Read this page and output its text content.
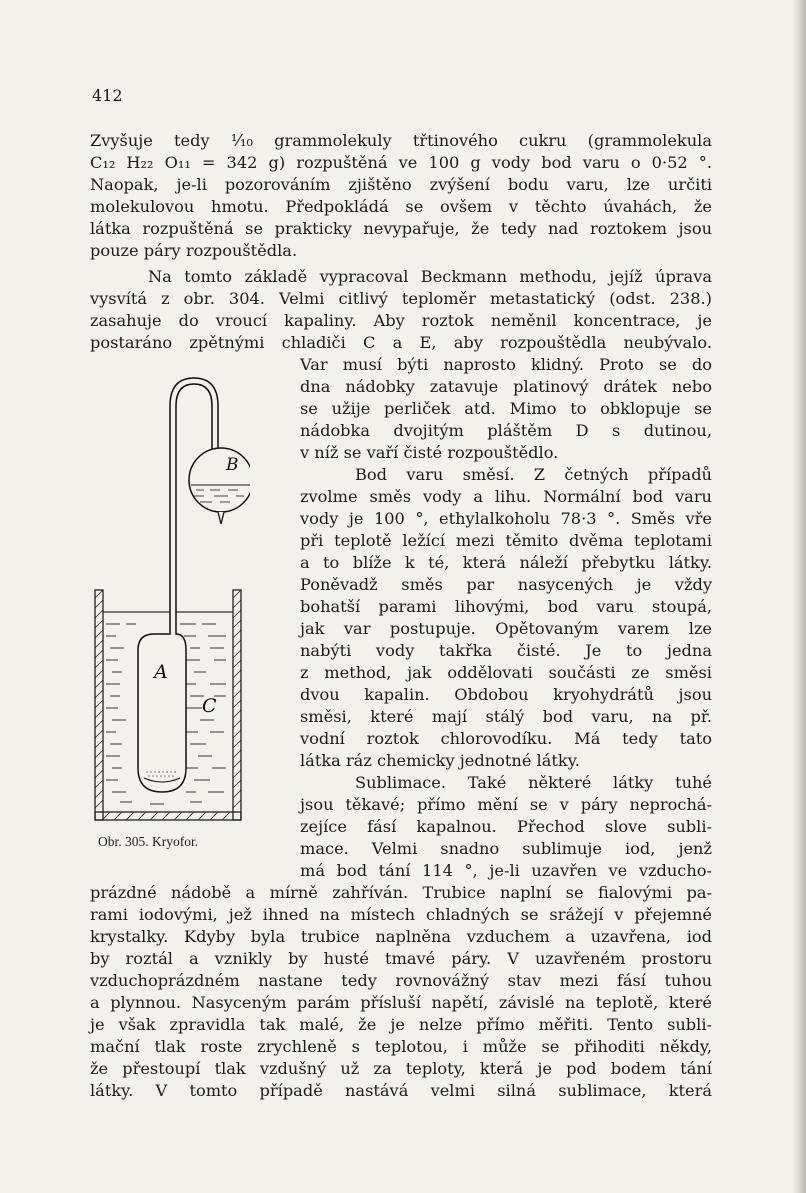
412
Zvyšuje tedy ¹⁄₁₀ grammolekuly třtinového cukru (grammolekula
C₁₂ H₂₂ O₁₁ = 342 g) rozpuštěná ve 100 g vody bod varu o 0·52 °.
Naopak, je-li pozorováním zjištěno zvýšení bodu varu, lze určiti
molekulovou hmotu. Předpokládá se ovšem v těchto úvahách, že
látka rozpuštěná se prakticky nevypařuje, že tedy nad roztokem jsou
pouze páry rozpouštědla.
Na tomto základě vypracoval Beckmann methodu, jejíž úprava
vysvítá z obr. 304. Velmi citlivý teploměr metastatický (odst. 238.)
zasahuje do vroucí kapaliny. Aby roztok neměnil koncentrace, je
postaráno zpětnými chladiči C a E, aby rozpouštědla neubývalo.
Var musí býti naprosto klidný. Proto se do
dna nádobky zatavuje platinový drátek nebo
se užije perliček atd. Mimo to obklopuje se
nádobka dvojitým pláštěm D s dutinou,
v níž se vaří čisté rozpouštědlo.
Bod varu směsí. Z četných případů
zvolme směs vody a lihu. Normální bod varu
vody je 100 °, ethylalkoholu 78·3 °. Směs vře
při teplotě ležící mezi těmito dvěma teplotami
a to blíže k té, která náleží přebytku látky.
Poněvadž směs par nasycených je vždy
bohatší parami lihovými, bod varu stoupá,
jak var postupuje. Opětovaným varem lze
nabýti vody takřka čisté. Je to jedna
z method, jak oddělovati součásti ze směsi
dvou kapalin. Obdobou kryohydrátů jsou
směsi, které mají stálý bod varu, na př.
vodní roztok chlorovodíku. Má tedy tato
látka ráz chemicky jednotné látky.
Sublimace. Také některé látky tuhé
jsou těkavé; přímo mění se v páry neprochá-
zejíce fásí kapalnou. Přechod slove subli-
mace. Velmi snadno sublimuje iod, jenž
má bod tání 114 °, je-li uzavřen ve vzducho-
prázdné nádobě a mírně zahříván. Trubice naplní se fialovými pa-
rami iodovými, jež ihned na místech chladných se srážejí v přejemné
krystalky. Kdyby byla trubice naplněna vzduchem a uzavřena, iod
by roztál a vznikly by husté tmavé páry. V uzavřeném prostoru
vzduchoprázdném nastane tedy rovnovážný stav mezi fásí tuhou
a plynnou. Nasyceným parám přísluší napětí, závislé na teplotě, které
je však zpravidla tak malé, že je nelze přímo měřiti. Tento subli-
mační tlak roste zrychleně s teplotou, i může se přihoditi někdy,
že přestoupí tlak vzdušný už za teploty, která je pod bodem tání
látky. V tomto případě nastává velmi silná sublimace, která
B
A
C
Obr. 305. Kryofor.
